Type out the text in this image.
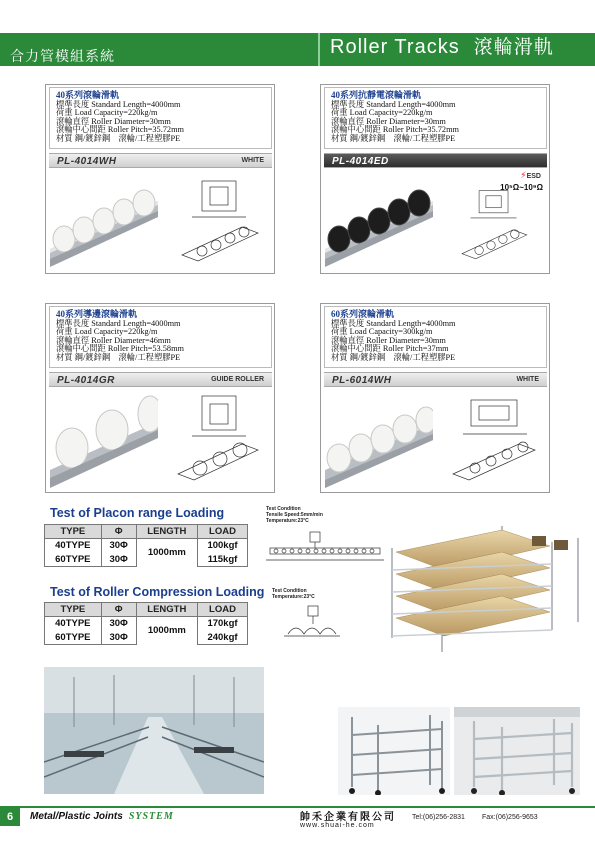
合力管模組系統	Roller Tracks 滾輪滑軌
40系列滾輪滑軌
標準長度 Standard Length=4000mm
荷重 Load Capacity=220kg/m
滾輪直徑 Roller Diameter=30mm
滾輪中心間距 Roller Pitch=35.72mm
材質 鋼/鍍鋅鋼　滾輪/工程塑膠PE
PL-4014WH	WHITE
40系列抗靜電滾輪滑軌
標準長度 Standard Length=4000mm
荷重 Load Capacity=220kg/m
滾輪直徑 Roller Diameter=30mm
滾輪中心間距 Roller Pitch=35.72mm
材質 鋼/鍍鋅鋼　滾輪/工程塑膠PE
PL-4014ED
⚡ESD
10⁵Ω~10⁹Ω
40系列導邊滾輪滑軌
標準長度 Standard Length=4000mm
荷重 Load Capacity=220kg/m
滾輪直徑 Roller Diameter=46mm
滾輪中心間距 Roller Pitch=53.58mm
材質 鋼/鍍鋅鋼　滾輪/工程塑膠PE
PL-4014GR	GUIDE ROLLER
60系列滾輪滑軌
標準長度 Standard Length=4000mm
荷重 Load Capacity=300kg/m
滾輪直徑 Roller Diameter=30mm
滾輪中心間距 Roller Pitch=37mm
材質 鋼/鍍鋅鋼　滾輪/工程塑膠PE
PL-6014WH	WHITE
Test of Placon range Loading
TYPE	Φ	LENGTH	LOAD
40TYPE	30Φ	1000mm	100kgf
60TYPE	30Φ		115kgf
Test Condition
Tensile Speed:5mm/min
Temperature:23°C
Test of Roller Compression Loading
TYPE	Φ	LENGTH	LOAD
40TYPE	30Φ	1000mm	170kgf
60TYPE	30Φ		240kgf
Test Condition
Temperature:23°C
6	Metal/Plastic Joints SYSTEM	帥禾企業有限公司
www.shuai-he.com
Tel:(06)256-2831 Fax:(06)256-9653
